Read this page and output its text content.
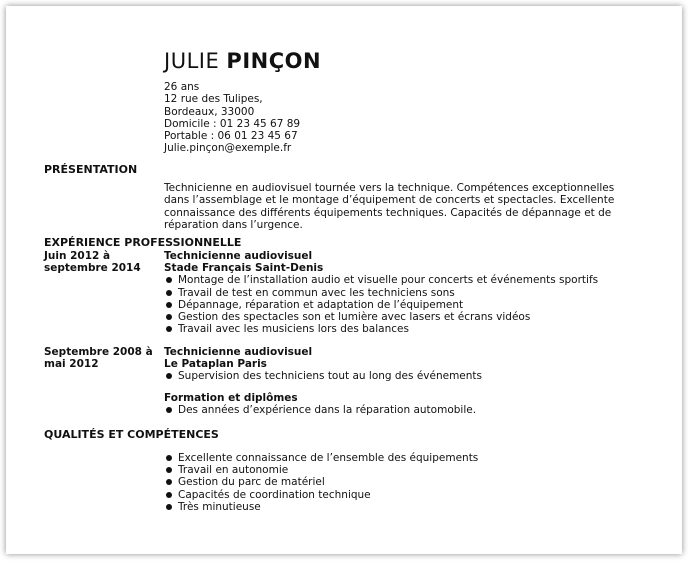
JULIE PINÇON
26 ans
12 rue des Tulipes,
Bordeaux, 33000
Domicile : 01 23 45 67 89
Portable : 06 01 23 45 67
Julie.pinçon@exemple.fr
PRÉSENTATION
Technicienne en audiovisuel tournée vers la technique. Compétences exceptionnelles dans l’assemblage et le montage d’équipement de concerts et spectacles. Excellente connaissance des différents équipements techniques. Capacités de dépannage et de réparation dans l’urgence.
EXPÉRIENCE PROFESSIONNELLE
Juin 2012 à septembre 2014
Technicienne audiovisuel
Stade Français Saint-Denis
Montage de l’installation audio et visuelle pour concerts et événements sportifs
Travail de test en commun avec les techniciens sons
Dépannage, réparation et adaptation de l’équipement
Gestion des spectacles son et lumière avec lasers et écrans vidéos
Travail avec les musiciens lors des balances
Septembre 2008 à mai 2012
Technicienne audiovisuel
Le Pataplan Paris
Supervision des techniciens tout au long des événements
Formation et diplômes
Des années d’expérience dans la réparation automobile.
QUALITÉS ET COMPÉTENCES
Excellente connaissance de l’ensemble des équipements
Travail en autonomie
Gestion du parc de matériel
Capacités de coordination technique
Très minutieuse
